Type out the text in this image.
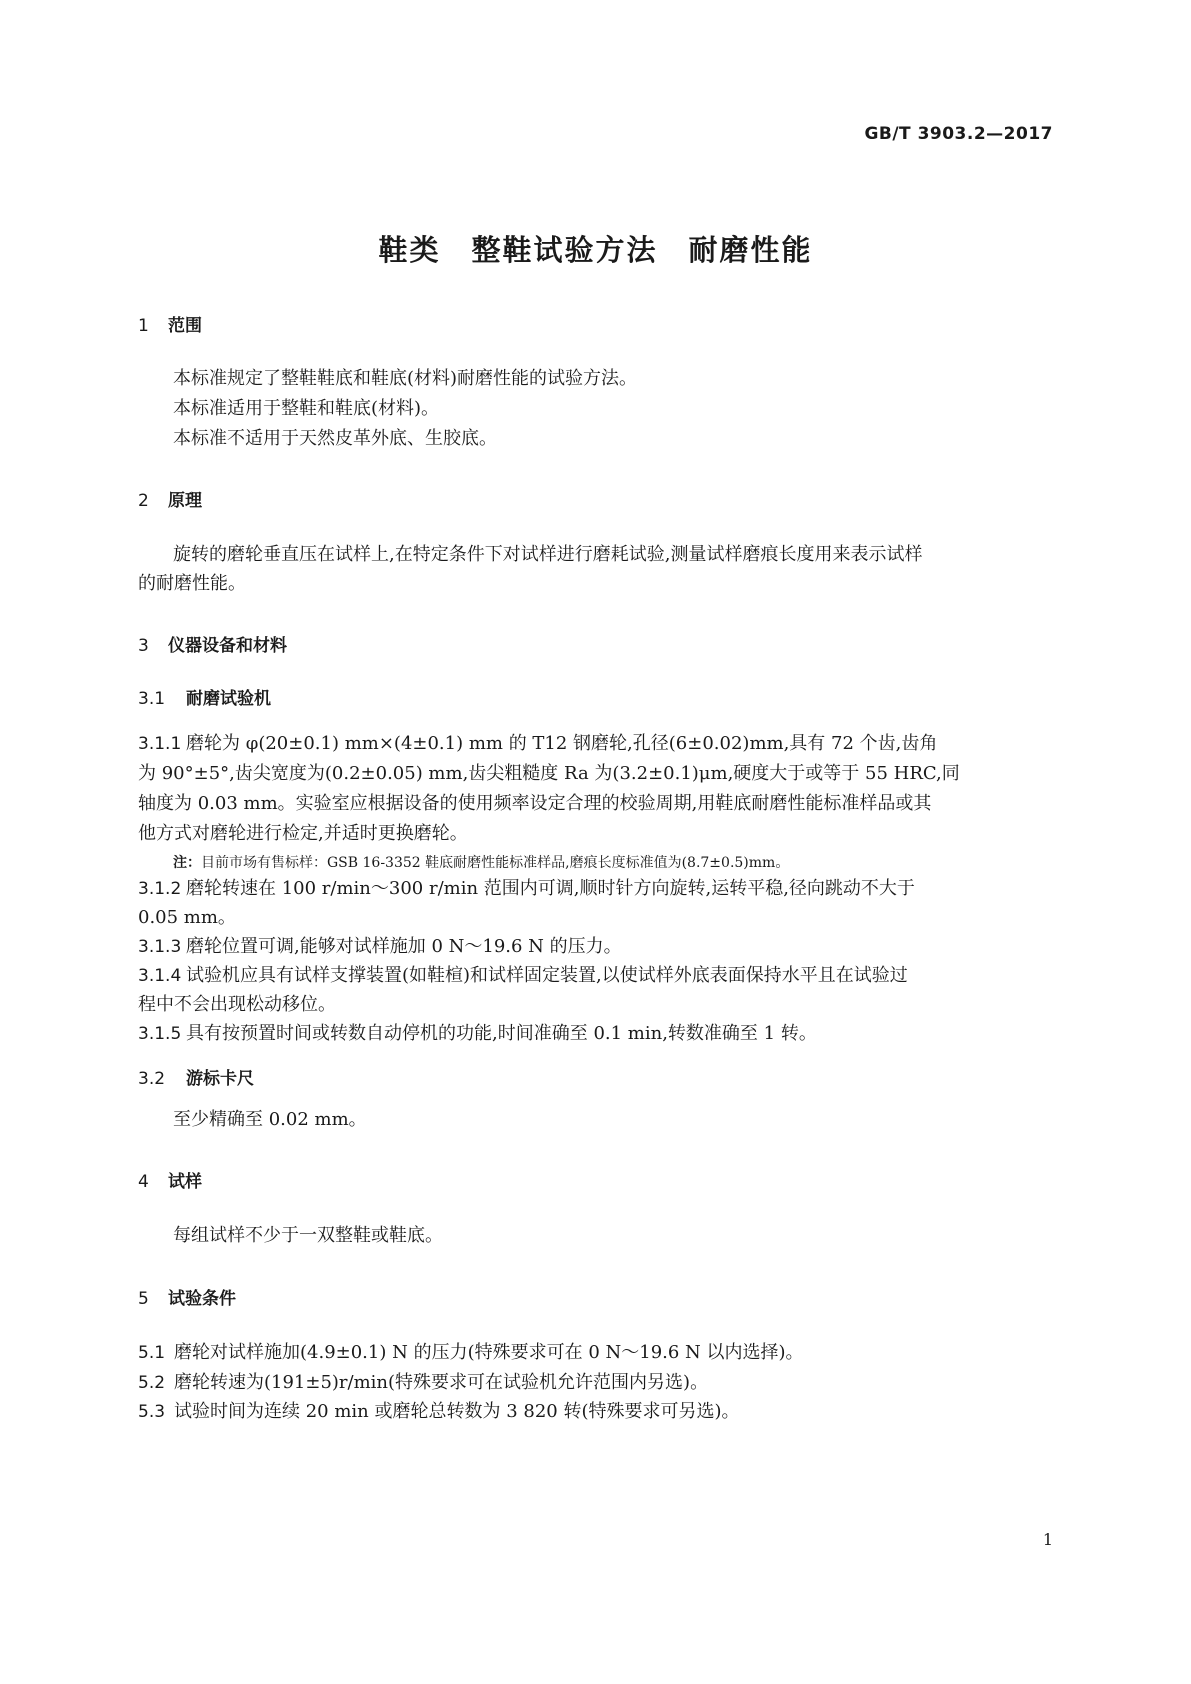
GB/T 3903.2—2017
鞋类　整鞋试验方法　耐磨性能
1 范围
本标准规定了整鞋鞋底和鞋底(材料)耐磨性能的试验方法。
本标准适用于整鞋和鞋底(材料)。
本标准不适用于天然皮革外底、生胶底。
2 原理
旋转的磨轮垂直压在试样上,在特定条件下对试样进行磨耗试验,测量试样磨痕长度用来表示试样
的耐磨性能。
3 仪器设备和材料
3.1 耐磨试验机
3.1.1 磨轮为 φ(20±0.1) mm×(4±0.1) mm 的 T12 钢磨轮,孔径(6±0.02)mm,具有 72 个齿,齿角
为 90°±5°,齿尖宽度为(0.2±0.05) mm,齿尖粗糙度 Ra 为(3.2±0.1)μm,硬度大于或等于 55 HRC,同
轴度为 0.03 mm。实验室应根据设备的使用频率设定合理的校验周期,用鞋底耐磨性能标准样品或其
他方式对磨轮进行检定,并适时更换磨轮。
注：目前市场有售标样：GSB 16-3352 鞋底耐磨性能标准样品,磨痕长度标准值为(8.7±0.5)mm。
3.1.2 磨轮转速在 100 r/min～300 r/min 范围内可调,顺时针方向旋转,运转平稳,径向跳动不大于
0.05 mm。
3.1.3 磨轮位置可调,能够对试样施加 0 N～19.6 N 的压力。
3.1.4 试验机应具有试样支撑装置(如鞋楦)和试样固定装置,以使试样外底表面保持水平且在试验过
程中不会出现松动移位。
3.1.5 具有按预置时间或转数自动停机的功能,时间准确至 0.1 min,转数准确至 1 转。
3.2 游标卡尺
至少精确至 0.02 mm。
4 试样
每组试样不少于一双整鞋或鞋底。
5 试验条件
5.1 磨轮对试样施加(4.9±0.1) N 的压力(特殊要求可在 0 N～19.6 N 以内选择)。
5.2 磨轮转速为(191±5)r/min(特殊要求可在试验机允许范围内另选)。
5.3 试验时间为连续 20 min 或磨轮总转数为 3 820 转(特殊要求可另选)。
1
